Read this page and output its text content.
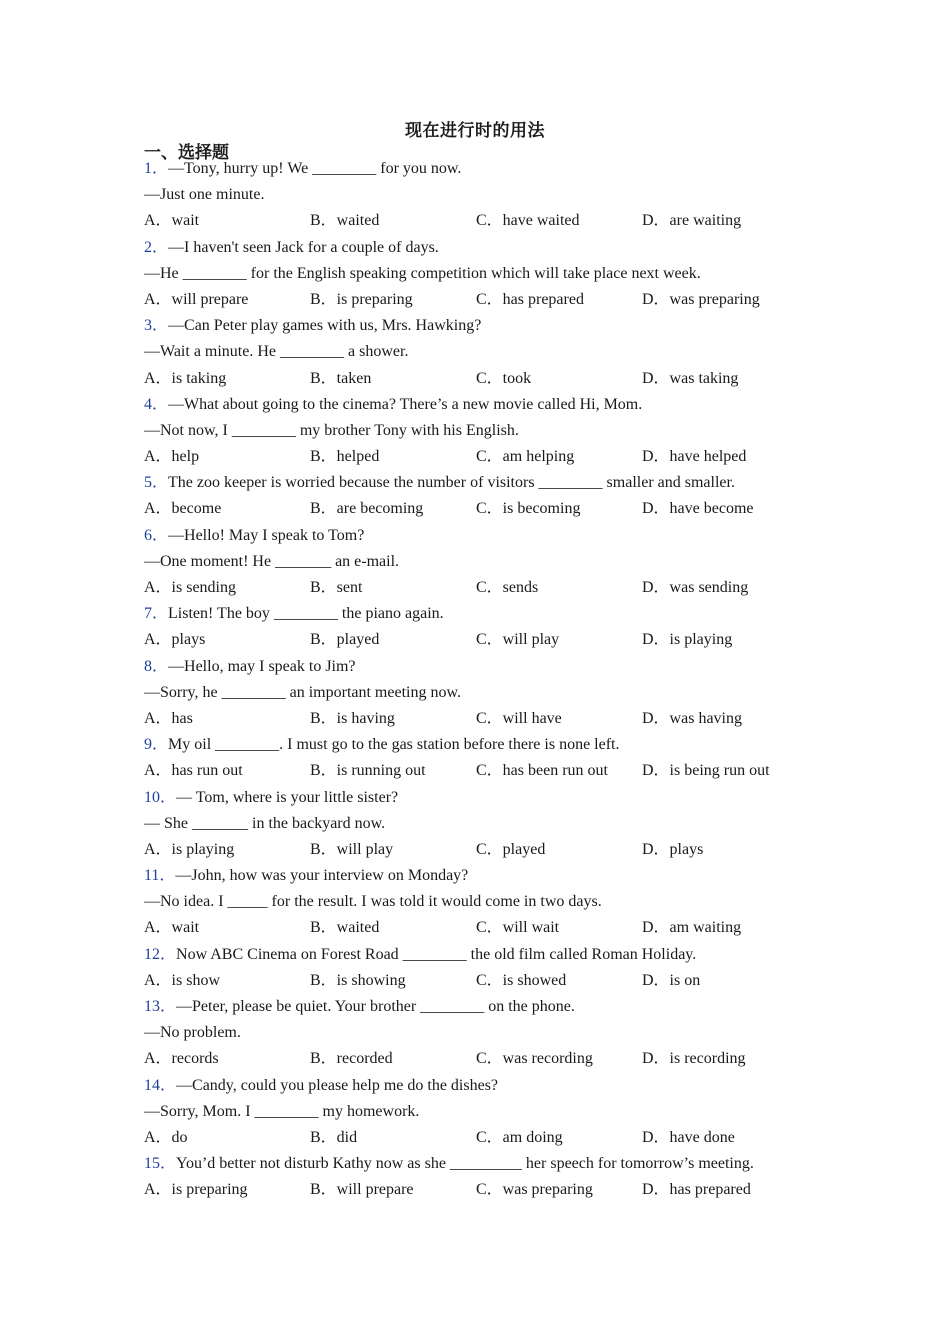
现在进行时的用法
一、选择题
1．—Tony, hurry up! We ________ for you now.
—Just one minute.
A．wait	B．waited	C．have waited	D．are waiting
2．—I haven't seen Jack for a couple of days.
—He ________ for the English speaking competition which will take place next week.
A．will prepare	B．is preparing	C．has prepared	D．was preparing
3．—Can Peter play games with us, Mrs. Hawking?
—Wait a minute. He ________ a shower.
A．is taking	B．taken	C．took	D．was taking
4．—What about going to the cinema? There’s a new movie called Hi, Mom.
—Not now, I ________ my brother Tony with his English.
A．help	B．helped	C．am helping	D．have helped
5．The zoo keeper is worried because the number of visitors ________ smaller and smaller.
A．become	B．are becoming	C．is becoming	D．have become
6．—Hello! May I speak to Tom?
—One moment! He _______ an e-mail.
A．is sending	B．sent	C．sends	D．was sending
7．Listen! The boy ________ the piano again.
A．plays	B．played	C．will play	D．is playing
8．—Hello, may I speak to Jim?
—Sorry, he ________ an important meeting now.
A．has	B．is having	C．will have	D．was having
9．My oil ________. I must go to the gas station before there is none left.
A．has run out	B．is running out	C．has been run out	D．is being run out
10．— Tom, where is your little sister?
— She _______ in the backyard now.
A．is playing	B．will play	C．played	D．plays
11．—John, how was your interview on Monday?
—No idea. I _____ for the result. I was told it would come in two days.
A．wait	B．waited	C．will wait	D．am waiting
12．Now ABC Cinema on Forest Road ________ the old film called Roman Holiday.
A．is show	B．is showing	C．is showed	D．is on
13．—Peter, please be quiet. Your brother ________ on the phone.
—No problem.
A．records	B．recorded	C．was recording	D．is recording
14．—Candy, could you please help me do the dishes?
—Sorry, Mom. I ________ my homework.
A．do	B．did	C．am doing	D．have done
15．You’d better not disturb Kathy now as she _________ her speech for tomorrow’s meeting.
A．is preparing	B．will prepare	C．was preparing	D．has prepared
